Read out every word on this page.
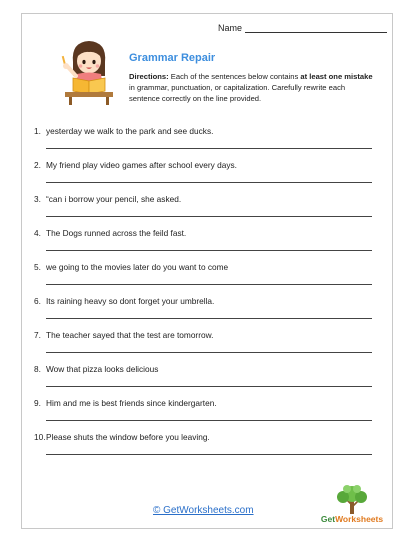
Name
Grammar Repair
Directions: Each of the sentences below contains at least one mistake in grammar, punctuation, or capitalization. Carefully rewrite each sentence correctly on the line provided.
1. yesterday we walk to the park and see ducks.
2. My friend play video games after school every days.
3. “can i borrow your pencil, she asked.
4. The Dogs runned across the feild fast.
5. we going to the movies later do you want to come
6. Its raining heavy so dont forget your umbrella.
7. The teacher sayed that the test are tomorrow.
8. Wow that pizza looks delicious
9. Him and me is best friends since kindergarten.
10. Please shuts the window before you leaving.
© GetWorksheets.com
GetWorksheets
